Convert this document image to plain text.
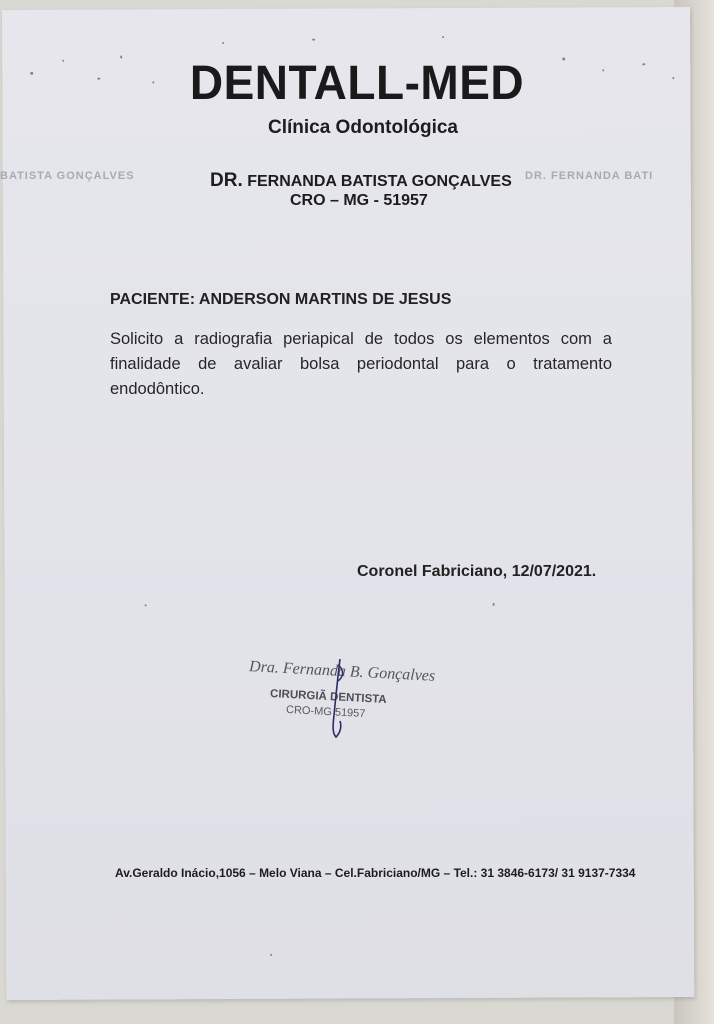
BATISTA GONÇALVES	DR. FERNANDA BATI
DENTALL-MED
Clínica Odontológica
DR. FERNANDA BATISTA GONÇALVES
CRO – MG - 51957
PACIENTE: ANDERSON MARTINS DE JESUS
Solicito a radiografia periapical de todos os elementos com a finalidade de avaliar bolsa periodontal para o tratamento endodôntico.
Coronel Fabriciano, 12/07/2021.
Dra. Fernanda B. Gonçalves
CIRURGIÃ DENTISTA
CRO-MG 51957
Av.Geraldo Inácio,1056 – Melo Viana – Cel.Fabriciano/MG – Tel.: 31 3846-6173/ 31 9137-7334
